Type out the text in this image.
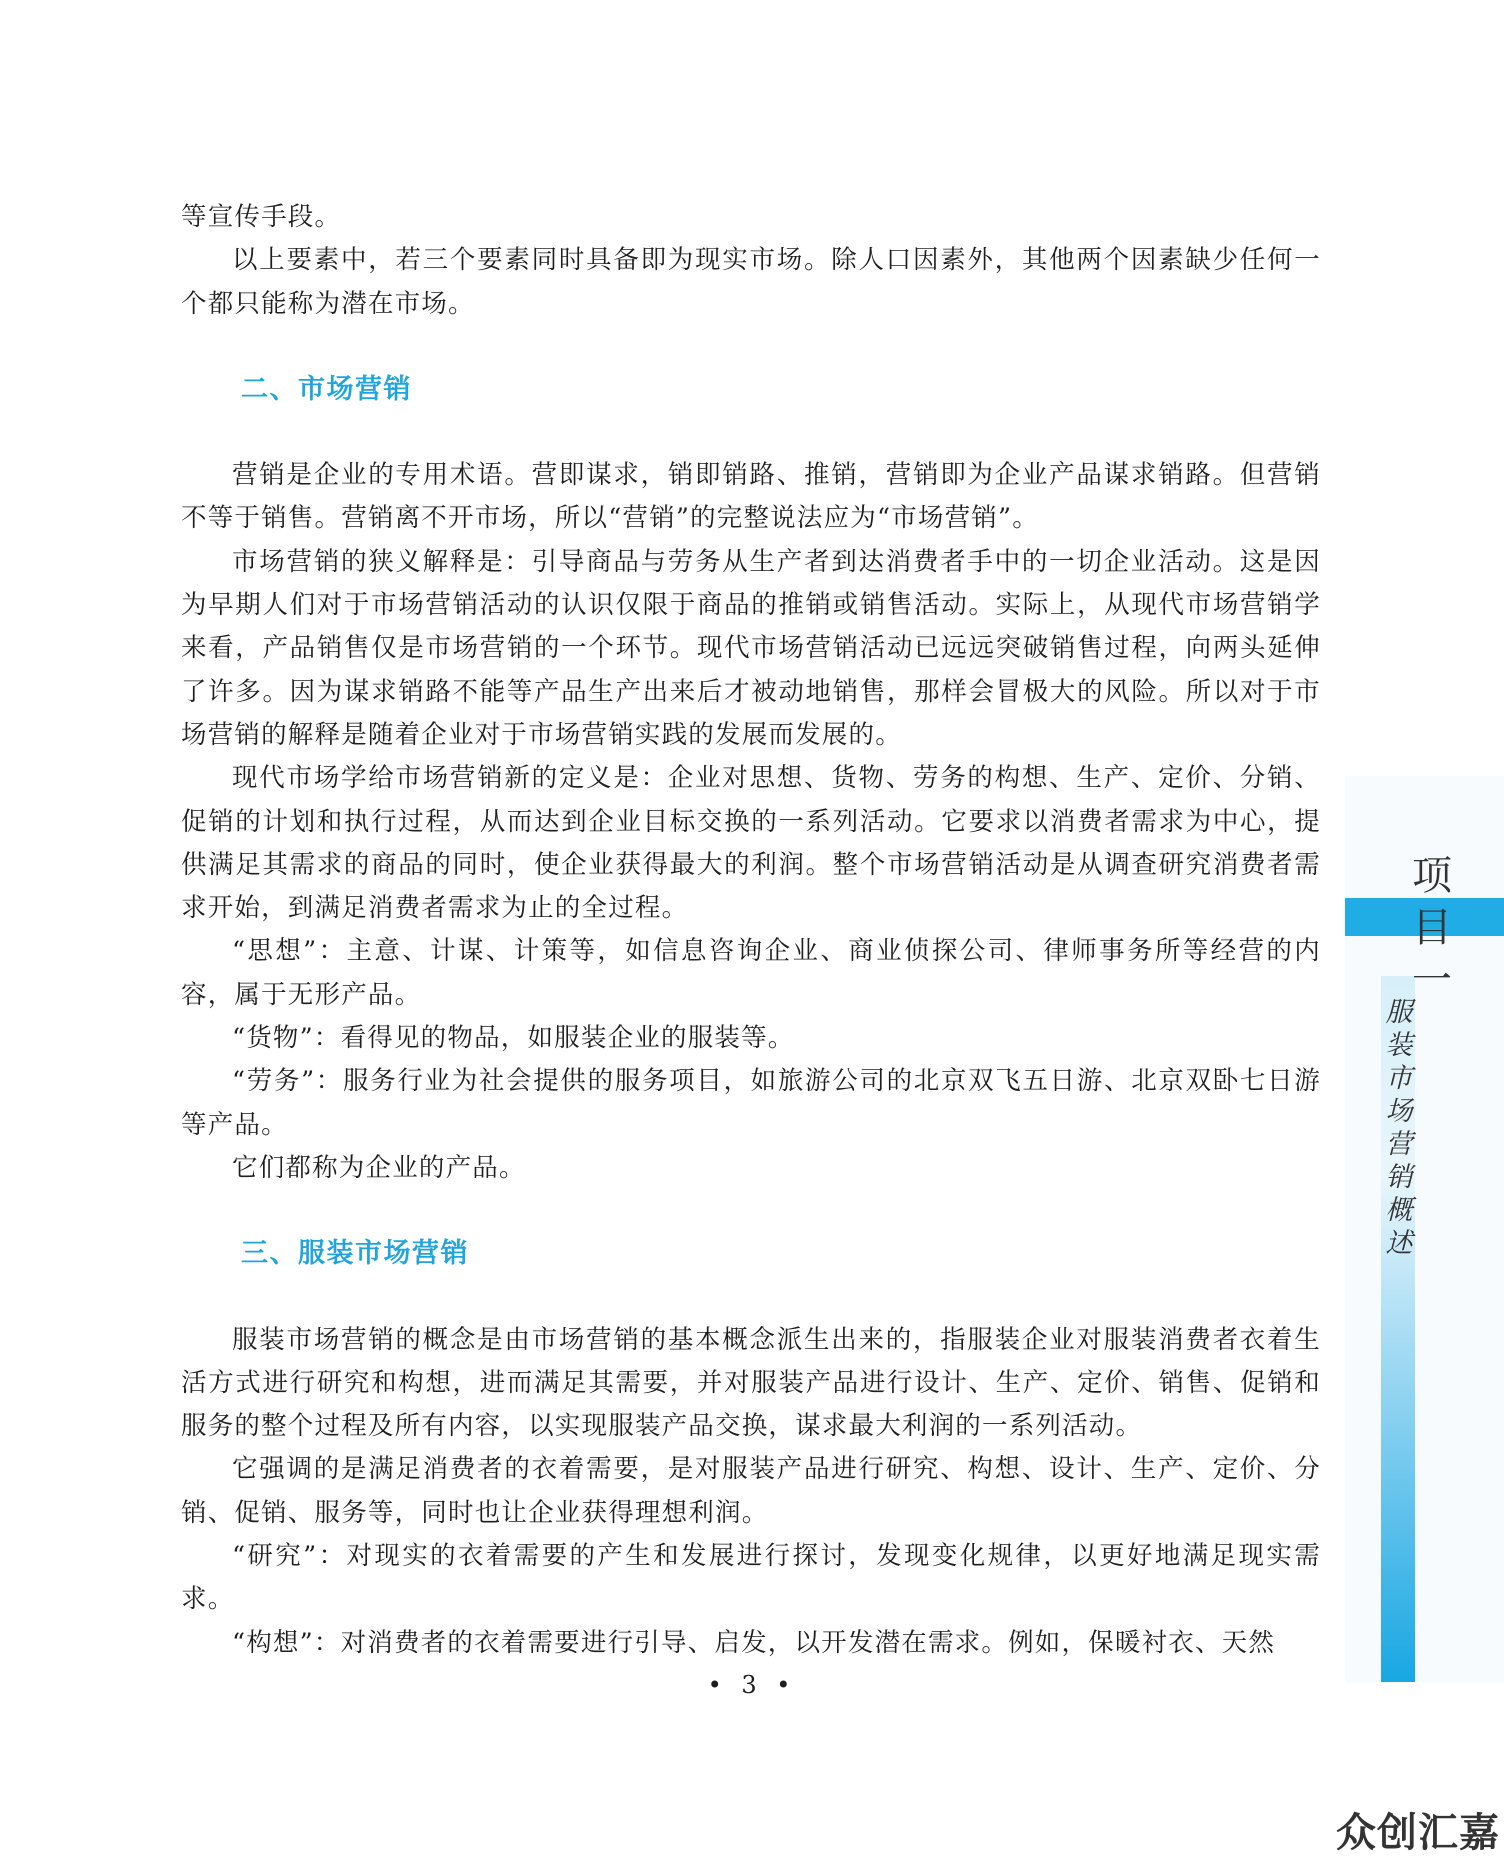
项
目
一
服
装
市
场
营
销
概
述

等宣传手段。

以上要素中，若三个要素同时具备即为现实市场。除人口因素外，其他两个因素缺少任何一个都只能称为潜在市场。

二、市场营销

营销是企业的专用术语。营即谋求，销即销路、推销，营销即为企业产品谋求销路。但营销不等于销售。营销离不开市场，所以“营销”的完整说法应为“市场营销”。

市场营销的狭义解释是：引导商品与劳务从生产者到达消费者手中的一切企业活动。这是因为早期人们对于市场营销活动的认识仅限于商品的推销或销售活动。实际上，从现代市场营销学来看，产品销售仅是市场营销的一个环节。现代市场营销活动已远远突破销售过程，向两头延伸了许多。因为谋求销路不能等产品生产出来后才被动地销售，那样会冒极大的风险。所以对于市场营销的解释是随着企业对于市场营销实践的发展而发展的。

现代市场学给市场营销新的定义是：企业对思想、货物、劳务的构想、生产、定价、分销、促销的计划和执行过程，从而达到企业目标交换的一系列活动。它要求以消费者需求为中心，提供满足其需求的商品的同时，使企业获得最大的利润。整个市场营销活动是从调查研究消费者需求开始，到满足消费者需求为止的全过程。

“思想”：主意、计谋、计策等，如信息咨询企业、商业侦探公司、律师事务所等经营的内容，属于无形产品。

“货物”：看得见的物品，如服装企业的服装等。

“劳务”：服务行业为社会提供的服务项目，如旅游公司的北京双飞五日游、北京双卧七日游等产品。

它们都称为企业的产品。

三、服装市场营销

服装市场营销的概念是由市场营销的基本概念派生出来的，指服装企业对服装消费者衣着生活方式进行研究和构想，进而满足其需要，并对服装产品进行设计、生产、定价、销售、促销和服务的整个过程及所有内容，以实现服装产品交换，谋求最大利润的一系列活动。

它强调的是满足消费者的衣着需要，是对服装产品进行研究、构想、设计、生产、定价、分销、促销、服务等，同时也让企业获得理想利润。

“研究”：对现实的衣着需要的产生和发展进行探讨，发现变化规律，以更好地满足现实需求。

“构想”：对消费者的衣着需要进行引导、启发，以开发潜在需求。例如，保暖衬衣、天然

• 3 •
众创汇嘉
